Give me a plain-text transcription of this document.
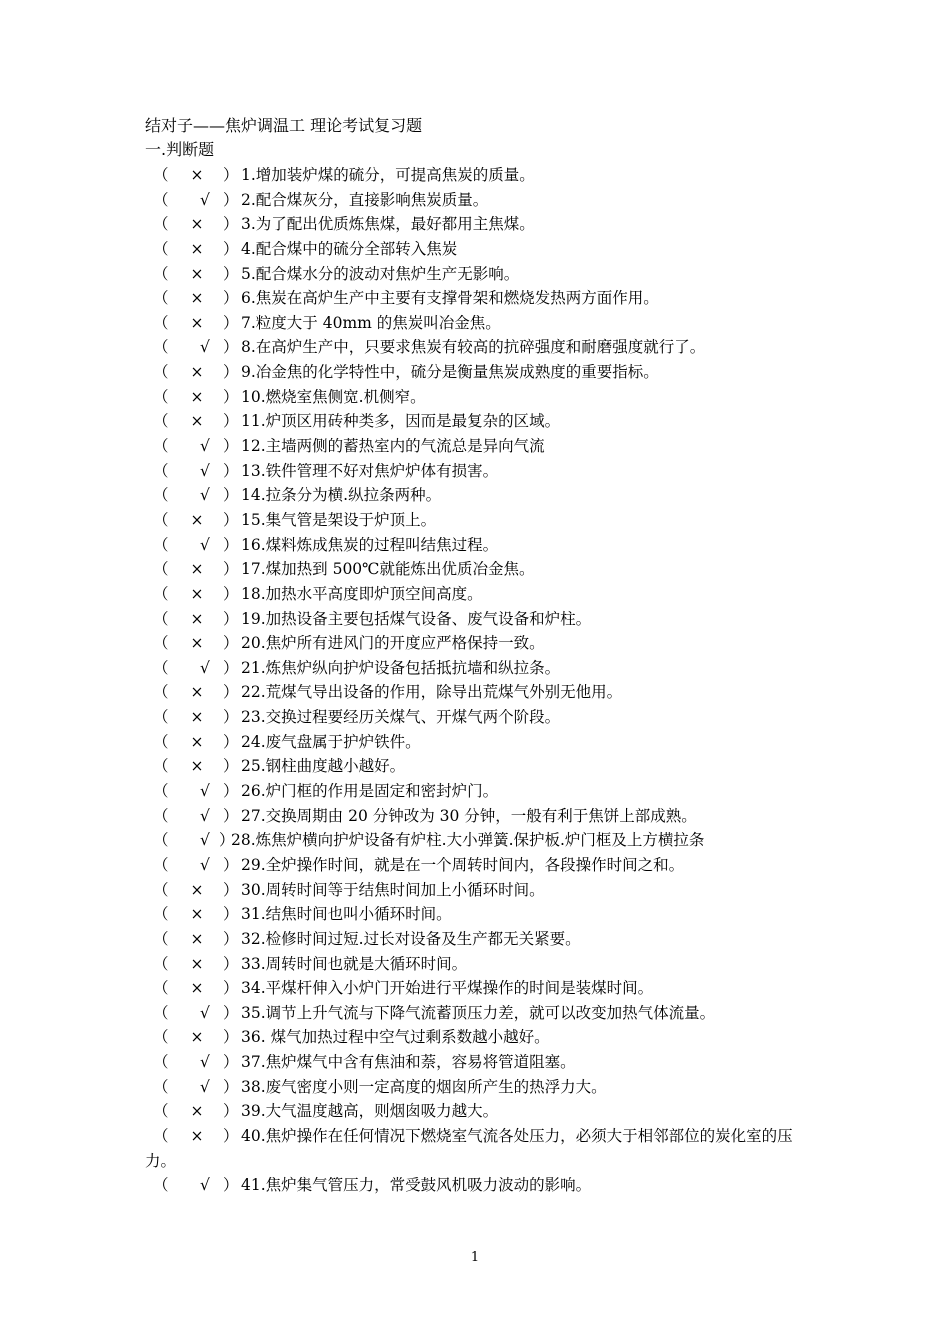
结对子——焦炉调温工 理论考试复习题
一.判断题
（	×	） 1.增加装炉煤的硫分，可提高焦炭的质量。
（	√ ） 2.配合煤灰分，直接影响焦炭质量。
（	×	） 3.为了配出优质炼焦煤，最好都用主焦煤。
（	×	） 4.配合煤中的硫分全部转入焦炭
（	×	） 5.配合煤水分的波动对焦炉生产无影响。
（	×	） 6.焦炭在高炉生产中主要有支撑骨架和燃烧发热两方面作用。
（	×	） 7.粒度大于 40mm 的焦炭叫冶金焦。
（	√ ） 8.在高炉生产中，只要求焦炭有较高的抗碎强度和耐磨强度就行了。
（	×	） 9.冶金焦的化学特性中，硫分是衡量焦炭成熟度的重要指标。
（	×	） 10.燃烧室焦侧宽.机侧窄。
（	×	） 11.炉顶区用砖种类多，因而是最复杂的区域。
（	√ ） 12.主墙两侧的蓄热室内的气流总是异向气流
（	√ ） 13.铁件管理不好对焦炉炉体有损害。
（	√ ） 14.拉条分为横.纵拉条两种。
（	×	） 15.集气管是架设于炉顶上。
（	√ ） 16.煤料炼成焦炭的过程叫结焦过程。
（	×	） 17.煤加热到 500℃就能炼出优质冶金焦。
（	×	） 18.加热水平高度即炉顶空间高度。
（	×	） 19.加热设备主要包括煤气设备、废气设备和炉柱。
（	×	） 20.焦炉所有进风门的开度应严格保持一致。
（	√ ） 21.炼焦炉纵向护炉设备包括抵抗墙和纵拉条。
（	×	） 22.荒煤气导出设备的作用，除导出荒煤气外别无他用。
（	×	） 23.交换过程要经历关煤气、开煤气两个阶段。
（	×	） 24.废气盘属于护炉铁件。
（	×	） 25.钢柱曲度越小越好。
（	√ ） 26.炉门框的作用是固定和密封炉门。
（	√ ） 27.交换周期由 20 分钟改为 30 分钟，一般有利于焦饼上部成熟。
（	√ ）
28.炼焦炉横向护炉设备有炉柱.大小弹簧.保护板.炉门框及上方横拉条
（	√ ） 29.全炉操作时间，就是在一个周转时间内，各段操作时间之和。
（	×	） 30.周转时间等于结焦时间加上小循环时间。
（	×	） 31.结焦时间也叫小循环时间。
（	×	） 32.检修时间过短.过长对设备及生产都无关紧要。
（	×	） 33.周转时间也就是大循环时间。
（	×	） 34.平煤杆伸入小炉门开始进行平煤操作的时间是装煤时间。
（	√ ） 35.调节上升气流与下降气流蓄顶压力差，就可以改变加热气体流量。
（	×	） 36. 煤气加热过程中空气过剩系数越小越好。
（	√ ） 37.焦炉煤气中含有焦油和萘，容易将管道阻塞。
（	√ ） 38.废气密度小则一定高度的烟囱所产生的热浮力大。
（	×	） 39.大气温度越高，则烟囱吸力越大。
（	×	） 40.焦炉操作在任何情况下燃烧室气流各处压力，必须大于相邻部位的炭化室的压力。
（	√ ） 41.焦炉集气管压力，常受鼓风机吸力波动的影响。
1
